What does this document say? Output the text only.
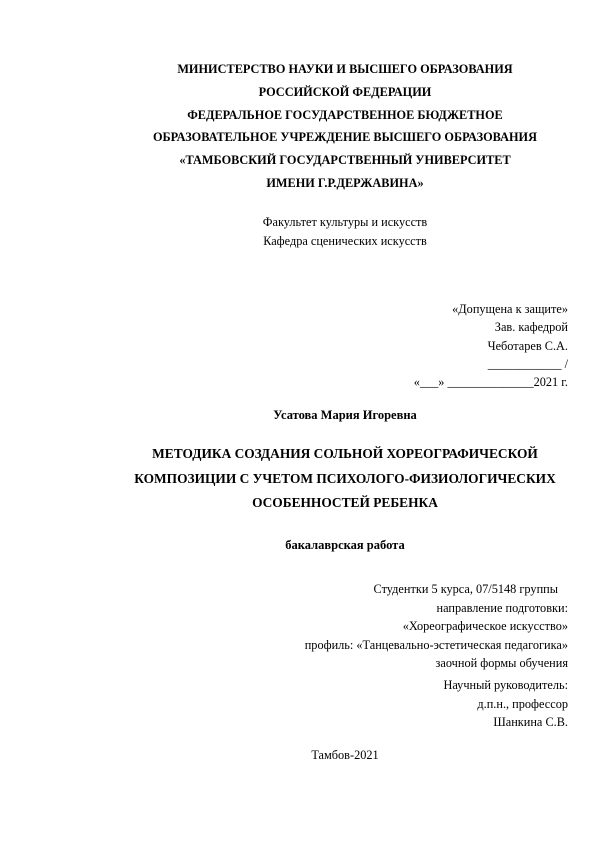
МИНИСТЕРСТВО НАУКИ И ВЫСШЕГО ОБРАЗОВАНИЯ
РОССИЙСКОЙ ФЕДЕРАЦИИ
ФЕДЕРАЛЬНОЕ ГОСУДАРСТВЕННОЕ БЮДЖЕТНОЕ
ОБРАЗОВАТЕЛЬНОЕ УЧРЕЖДЕНИЕ ВЫСШЕГО ОБРАЗОВАНИЯ
«ТАМБОВСКИЙ ГОСУДАРСТВЕННЫЙ УНИВЕРСИТЕТ
ИМЕНИ Г.Р.ДЕРЖАВИНА»
Факультет культуры и искусств
Кафедра сценических искусств
«Допущена к защите»
Зав. кафедрой
Чеботарев С.А.
____________ /
«___» ______________2021 г.
Усатова Мария Игоревна
МЕТОДИКА СОЗДАНИЯ СОЛЬНОЙ ХОРЕОГРАФИЧЕСКОЙ
КОМПОЗИЦИИ С УЧЕТОМ ПСИХОЛОГО-ФИЗИОЛОГИЧЕСКИХ
ОСОБЕННОСТЕЙ РЕБЕНКА
бакалаврская работа
Студентки 5 курса, 07/5148 группы
направление подготовки:
«Хореографическое искусство»
профиль: «Танцевально-эстетическая педагогика»
заочной формы обучения
Научный руководитель:
д.п.н., профессор
Шанкина С.В.
Тамбов-2021
